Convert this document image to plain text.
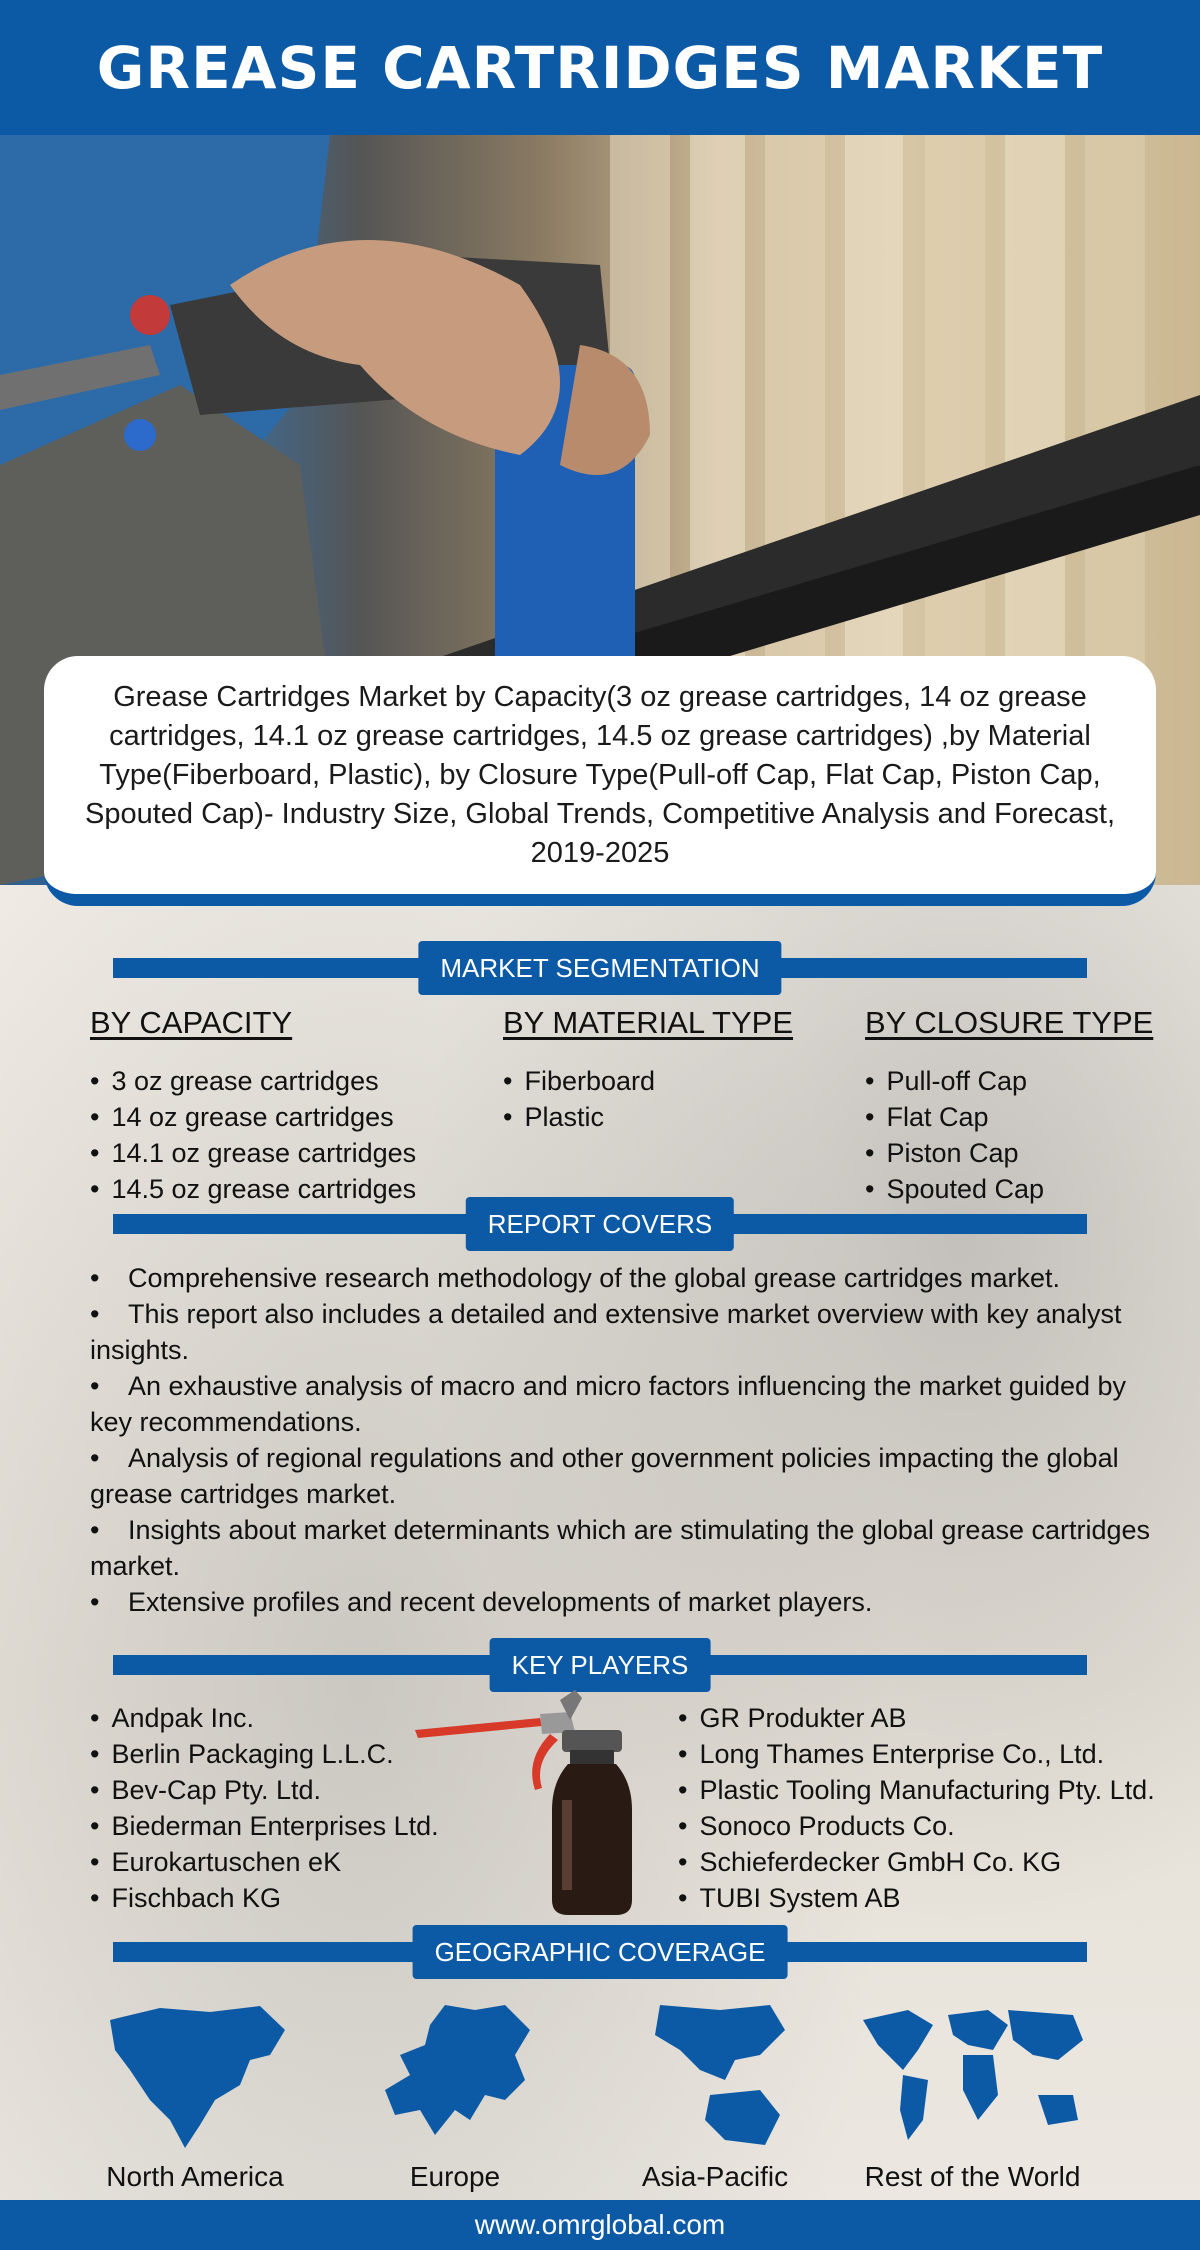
GREASE CARTRIDGES MARKET

Grease Cartridges Market by Capacity(3 oz grease cartridges, 14 oz grease cartridges, 14.1 oz grease cartridges, 14.5 oz grease cartridges) ,by Material Type(Fiberboard, Plastic), by Closure Type(Pull-off Cap, Flat Cap, Piston Cap, Spouted Cap)- Industry Size, Global Trends, Competitive Analysis and Forecast, 2019-2025

MARKET SEGMENTATION
BY CAPACITY
• 3 oz grease cartridges
• 14 oz grease cartridges
• 14.1 oz grease cartridges
• 14.5 oz grease cartridges
BY MATERIAL TYPE
• Fiberboard
• Plastic
BY CLOSURE TYPE
• Pull-off Cap
• Flat Cap
• Piston Cap
• Spouted Cap
REPORT COVERS

• Comprehensive research methodology of the global grease cartridges market.

• This report also includes a detailed and extensive market overview with key analyst insights.

• An exhaustive analysis of macro and micro factors influencing the market guided by key recommendations.

• Analysis of regional regulations and other government policies impacting the global grease cartridges market.

• Insights about market determinants which are stimulating the global grease cartridges market.

• Extensive profiles and recent developments of market players.

KEY PLAYERS
• Andpak Inc.
• Berlin Packaging L.L.C.
• Bev-Cap Pty. Ltd.
• Biederman Enterprises Ltd.
• Eurokartuschen eK
• Fischbach KG
• GR Produkter AB
• Long Thames Enterprise Co., Ltd.
• Plastic Tooling Manufacturing Pty. Ltd.
• Sonoco Products Co.
• Schieferdecker GmbH Co. KG
• TUBI System AB
GEOGRAPHIC COVERAGE
North America	Europe	Asia-Pacific	Rest of the World
www.omrglobal.com
